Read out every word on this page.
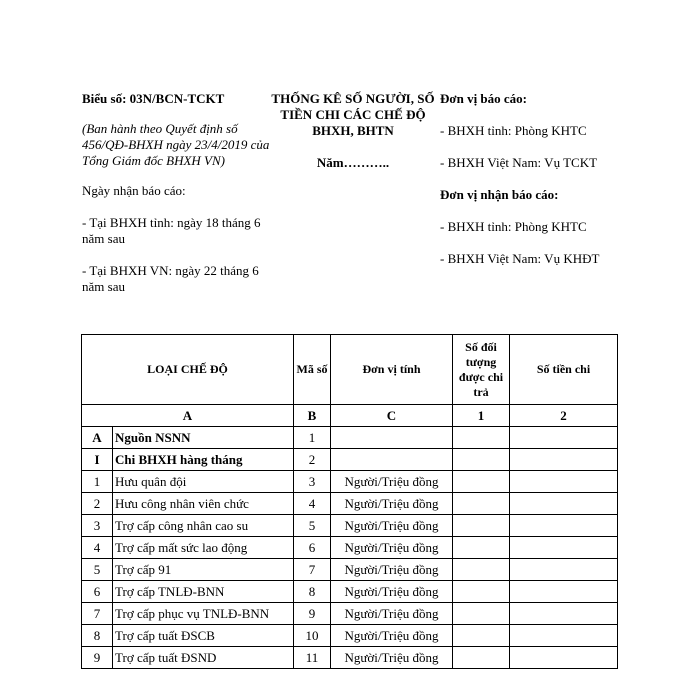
Biểu số: 03N/BCN-TCKT
(Ban hành theo Quyết định số 456/QĐ-BHXH ngày 23/4/2019 của Tổng Giám đốc BHXH VN)
Ngày nhận báo cáo:
- Tại BHXH tỉnh: ngày 18 tháng 6 năm sau
- Tại BHXH VN: ngày 22 tháng 6 năm sau
THỐNG KÊ SỐ NGƯỜI, SỐ TIỀN CHI CÁC CHẾ ĐỘ
BHXH, BHTN
Năm………..
Đơn vị báo cáo:
- BHXH tỉnh: Phòng KHTC
- BHXH Việt Nam: Vụ TCKT
Đơn vị nhận báo cáo:
- BHXH tỉnh: Phòng KHTC
- BHXH Việt Nam: Vụ KHĐT
LOẠI CHẾ ĐỘ		Mã số	Đơn vị tính	Số đối tượng được chi trả	Số tiền chi
A		B	C	1	2
A	Nguồn NSNN	1			
I	Chi BHXH hàng tháng	2			
1	Hưu quân đội	3	Người/Triệu đồng		
2	Hưu công nhân viên chức	4	Người/Triệu đồng		
3	Trợ cấp công nhân cao su	5	Người/Triệu đồng		
4	Trợ cấp mất sức lao động	6	Người/Triệu đồng		
5	Trợ cấp 91	7	Người/Triệu đồng		
6	Trợ cấp TNLĐ-BNN	8	Người/Triệu đồng		
7	Trợ cấp phục vụ TNLĐ-BNN	9	Người/Triệu đồng		
8	Trợ cấp tuất ĐSCB	10	Người/Triệu đồng		
9	Trợ cấp tuất ĐSND	11	Người/Triệu đồng		
